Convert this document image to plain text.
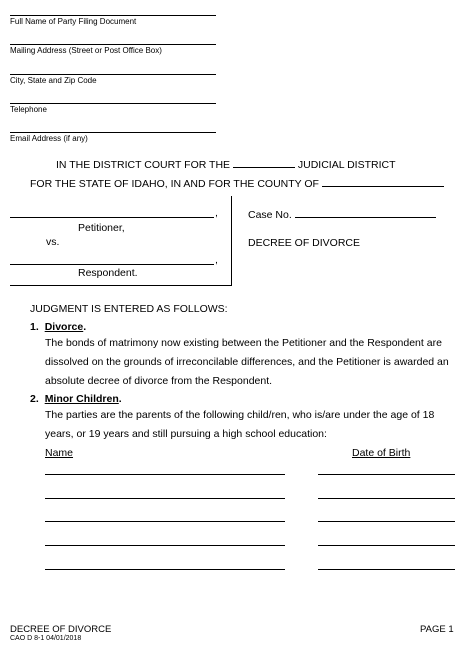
Full Name of Party Filing Document
Mailing Address (Street or Post Office Box)
City, State and Zip Code
Telephone
Email Address (if any)
IN THE DISTRICT COURT FOR THE	JUDICIAL DISTRICT
FOR THE STATE OF IDAHO, IN AND FOR THE COUNTY OF
,
Petitioner,
vs.
,
Respondent.
Case No.
DECREE OF DIVORCE
JUDGMENT IS ENTERED AS FOLLOWS:
1. Divorce.
The bonds of matrimony now existing between the Petitioner and the Respondent are dissolved on the grounds of irreconcilable differences, and the Petitioner is awarded an absolute decree of divorce from the Respondent.
2. Minor Children.
The parties are the parents of the following child/ren, who is/are under the age of 18 years, or 19 years and still pursuing a high school education:
Name	Date of Birth
DECREE OF DIVORCE
CAO D 8-1 04/01/2018
PAGE 1
